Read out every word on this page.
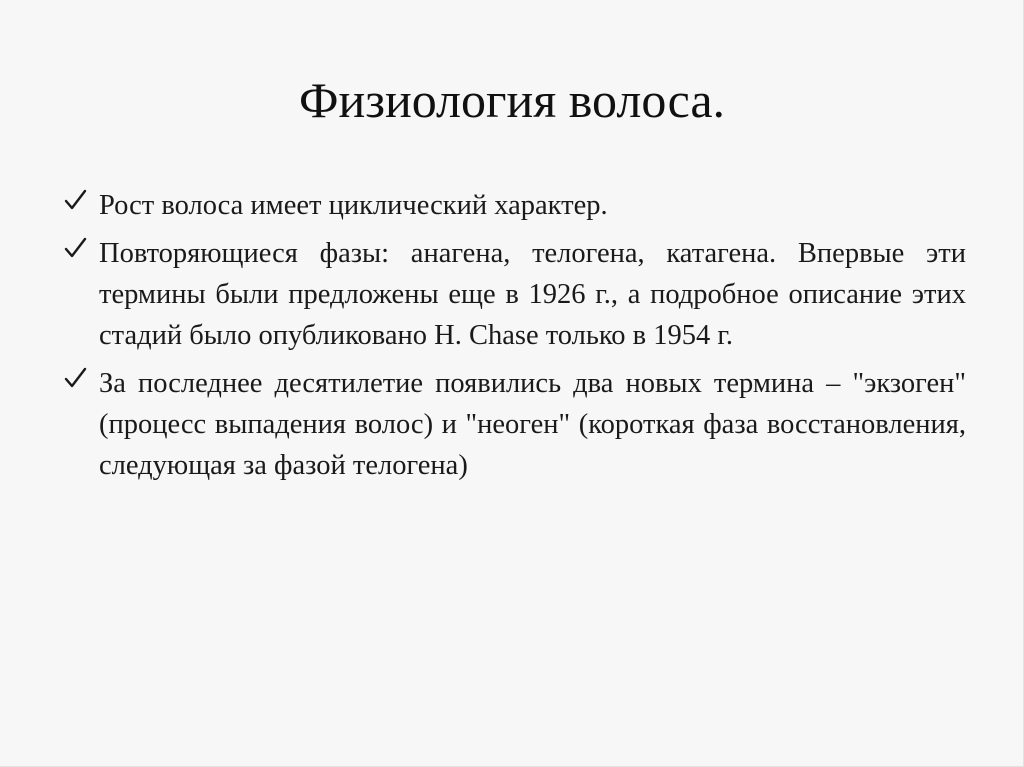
Физиология волоса.
Рост волоса имеет циклический характер.
Повторяющиеся фазы: анагена, телогена, катагена. Впервые эти термины были предложены еще в 1926 г., а подробное описание этих стадий было опубликовано H. Chase только в 1954 г.
За последнее десятилетие появились два новых термина – "экзоген" (процесс выпадения волос) и "неоген" (короткая фаза восстановления, следующая за фазой телогена)
